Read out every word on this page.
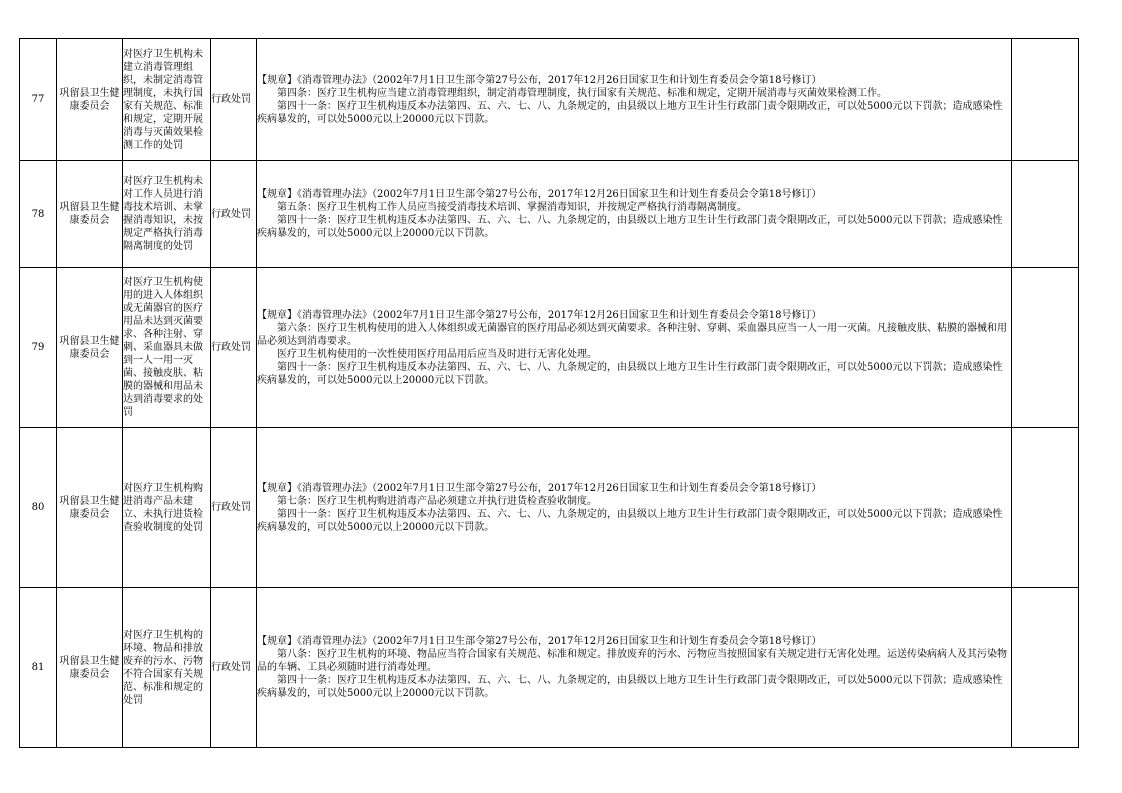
77	巩留县卫生健康委员会	对医疗卫生机构未建立消毒管理组织，未制定消毒管理制度，未执行国家有关规范、标准和规定，定期开展消毒与灭菌效果检测工作的处罚	行政处罚	【规章】《消毒管理办法》（2002年7月1日卫生部令第27号公布，2017年12月26日国家卫生和计划生育委员会令第18号修订）
第四条：医疗卫生机构应当建立消毒管理组织，制定消毒管理制度，执行国家有关规范、标准和规定，定期开展消毒与灭菌效果检测工作。
第四十一条：医疗卫生机构违反本办法第四、五、六、七、八、九条规定的，由县级以上地方卫生计生行政部门责令限期改正，可以处5000元以下罚款；造成感染性疾病暴发的，可以处5000元以上20000元以下罚款。	

78	巩留县卫生健康委员会	对医疗卫生机构未对工作人员进行消毒技术培训、未掌握消毒知识，未按规定严格执行消毒隔离制度的处罚	行政处罚	【规章】《消毒管理办法》（2002年7月1日卫生部令第27号公布，2017年12月26日国家卫生和计划生育委员会令第18号修订）
第五条：医疗卫生机构工作人员应当接受消毒技术培训、掌握消毒知识，并按规定严格执行消毒隔离制度。
第四十一条：医疗卫生机构违反本办法第四、五、六、七、八、九条规定的，由县级以上地方卫生计生行政部门责令限期改正，可以处5000元以下罚款；造成感染性疾病暴发的，可以处5000元以上20000元以下罚款。	

79	巩留县卫生健康委员会	对医疗卫生机构使用的进入人体组织或无菌器官的医疗用品未达到灭菌要求、各种注射、穿刺、采血器具未做到一人一用一灭菌、接触皮肤、粘膜的器械和用品未达到消毒要求的处罚	行政处罚	【规章】《消毒管理办法》（2002年7月1日卫生部令第27号公布，2017年12月26日国家卫生和计划生育委员会令第18号修订）
第六条：医疗卫生机构使用的进入人体组织或无菌器官的医疗用品必须达到灭菌要求。各种注射、穿刺、采血器具应当一人一用一灭菌。凡接触皮肤、粘膜的器械和用品必须达到消毒要求。
医疗卫生机构使用的一次性使用医疗用品用后应当及时进行无害化处理。
第四十一条：医疗卫生机构违反本办法第四、五、六、七、八、九条规定的，由县级以上地方卫生计生行政部门责令限期改正，可以处5000元以下罚款；造成感染性疾病暴发的，可以处5000元以上20000元以下罚款。	

80	巩留县卫生健康委员会	对医疗卫生机构购进消毒产品未建立、未执行进货检查验收制度的处罚	行政处罚	【规章】《消毒管理办法》（2002年7月1日卫生部令第27号公布，2017年12月26日国家卫生和计划生育委员会令第18号修订）
第七条：医疗卫生机构购进消毒产品必须建立并执行进货检查验收制度。
第四十一条：医疗卫生机构违反本办法第四、五、六、七、八、九条规定的，由县级以上地方卫生计生行政部门责令限期改正，可以处5000元以下罚款；造成感染性疾病暴发的，可以处5000元以上20000元以下罚款。	

81	巩留县卫生健康委员会	对医疗卫生机构的环境、物品和排放废弃的污水、污物不符合国家有关规范、标准和规定的处罚	行政处罚	【规章】《消毒管理办法》（2002年7月1日卫生部令第27号公布，2017年12月26日国家卫生和计划生育委员会令第18号修订）
第八条：医疗卫生机构的环境、物品应当符合国家有关规范、标准和规定。排放废弃的污水、污物应当按照国家有关规定进行无害化处理。运送传染病病人及其污染物品的车辆、工具必须随时进行消毒处理。
第四十一条：医疗卫生机构违反本办法第四、五、六、七、八、九条规定的，由县级以上地方卫生计生行政部门责令限期改正，可以处5000元以下罚款；造成感染性疾病暴发的，可以处5000元以上20000元以下罚款。	
